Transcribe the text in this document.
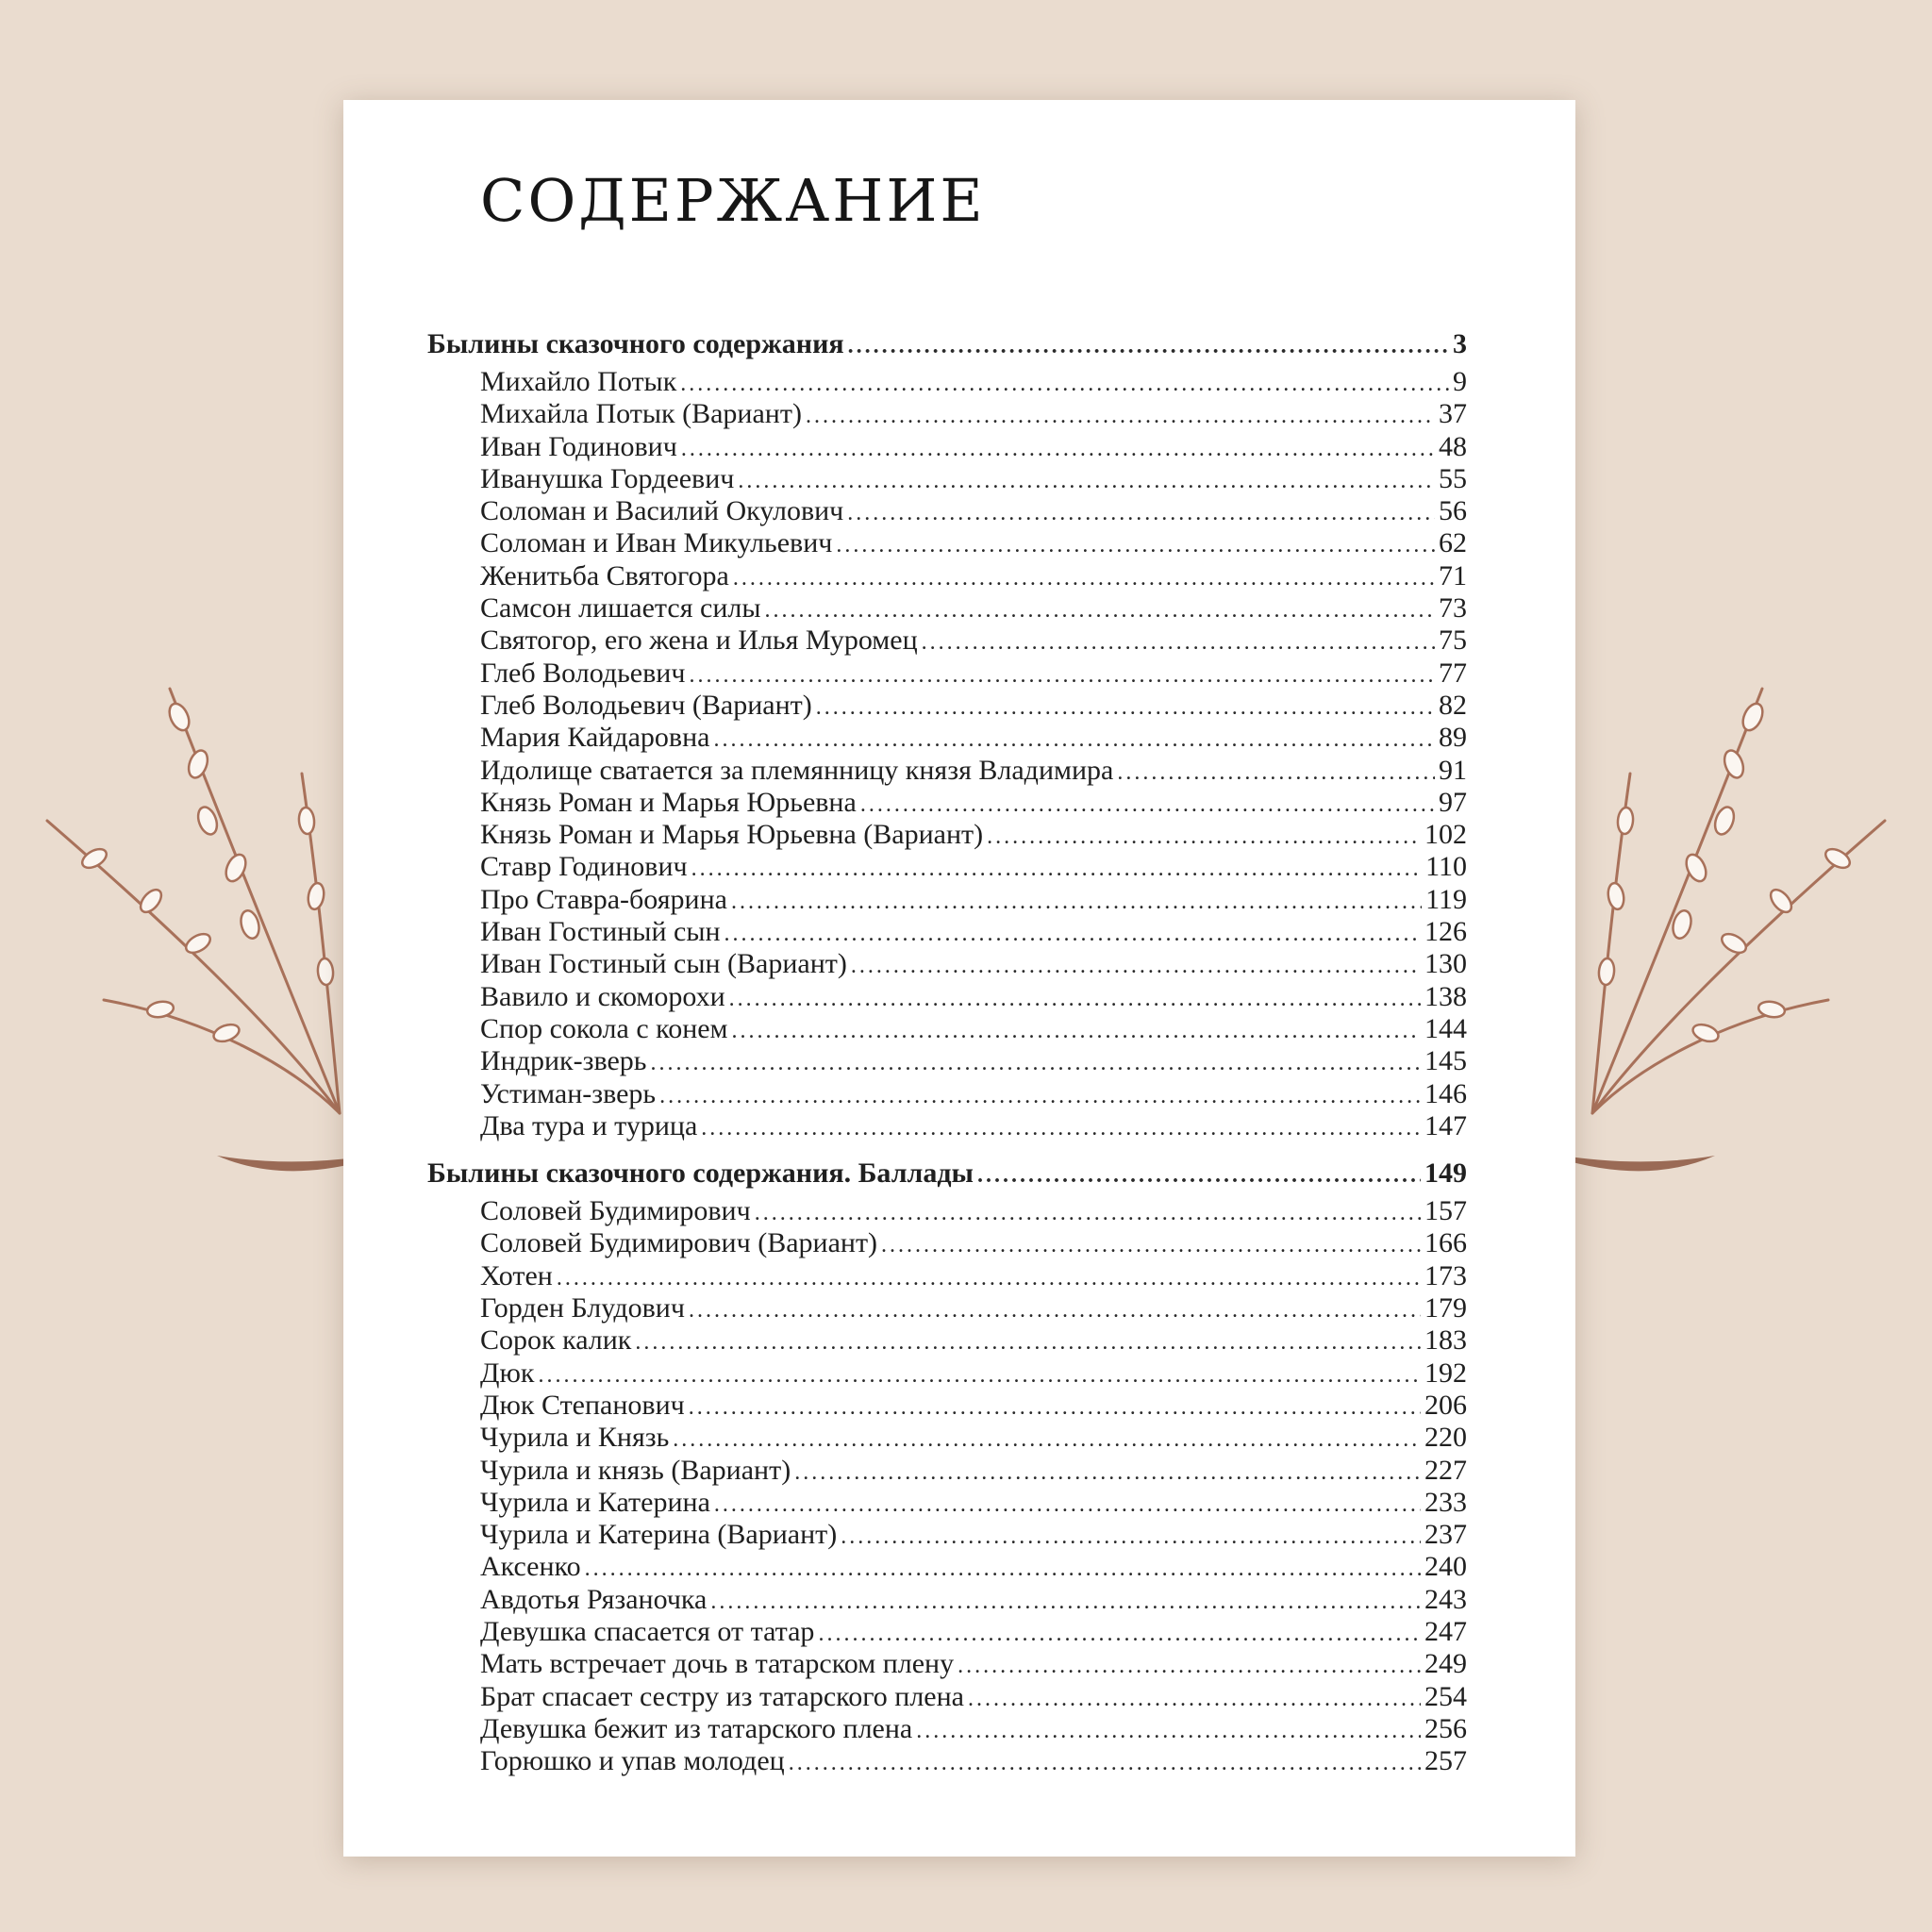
СОДЕРЖАНИЕ
Былины сказочного содержания .....	3
Михайло Потык .....	9
Михайла Потык (Вариант) .....	37
Иван Годинович .....	48
Иванушка Гордеевич .....	55
Соломан и Василий Окулович .....	56
Соломан и Иван Микульевич .....	62
Женитьба Святогора .....	71
Самсон лишается силы .....	73
Святогор, его жена и Илья Муромец .....	75
Глеб Володьевич .....	77
Глеб Володьевич (Вариант) .....	82
Мария Кайдаровна .....	89
Идолище сватается за племянницу князя Владимира .....	91
Князь Роман и Марья Юрьевна .....	97
Князь Роман и Марья Юрьевна (Вариант) .....	102
Ставр Годинович .....	110
Про Ставра-боярина .....	119
Иван Гостиный сын .....	126
Иван Гостиный сын (Вариант) .....	130
Вавило и скоморохи .....	138
Спор сокола с конем .....	144
Индрик-зверь .....	145
Устиман-зверь .....	146
Два тура и турица .....	147
Былины сказочного содержания. Баллады .....	149
Соловей Будимирович .....	157
Соловей Будимирович (Вариант) .....	166
Хотен .....	173
Горден Блудович .....	179
Сорок калик .....	183
Дюк .....	192
Дюк Степанович .....	206
Чурила и Князь .....	220
Чурила и князь (Вариант) .....	227
Чурила и Катерина .....	233
Чурила и Катерина (Вариант) .....	237
Аксенко .....	240
Авдотья Рязаночка .....	243
Девушка спасается от татар .....	247
Мать встречает дочь в татарском плену .....	249
Брат спасает сестру из татарского плена .....	254
Девушка бежит из татарского плена .....	256
Горюшко и упав молодец .....	257
